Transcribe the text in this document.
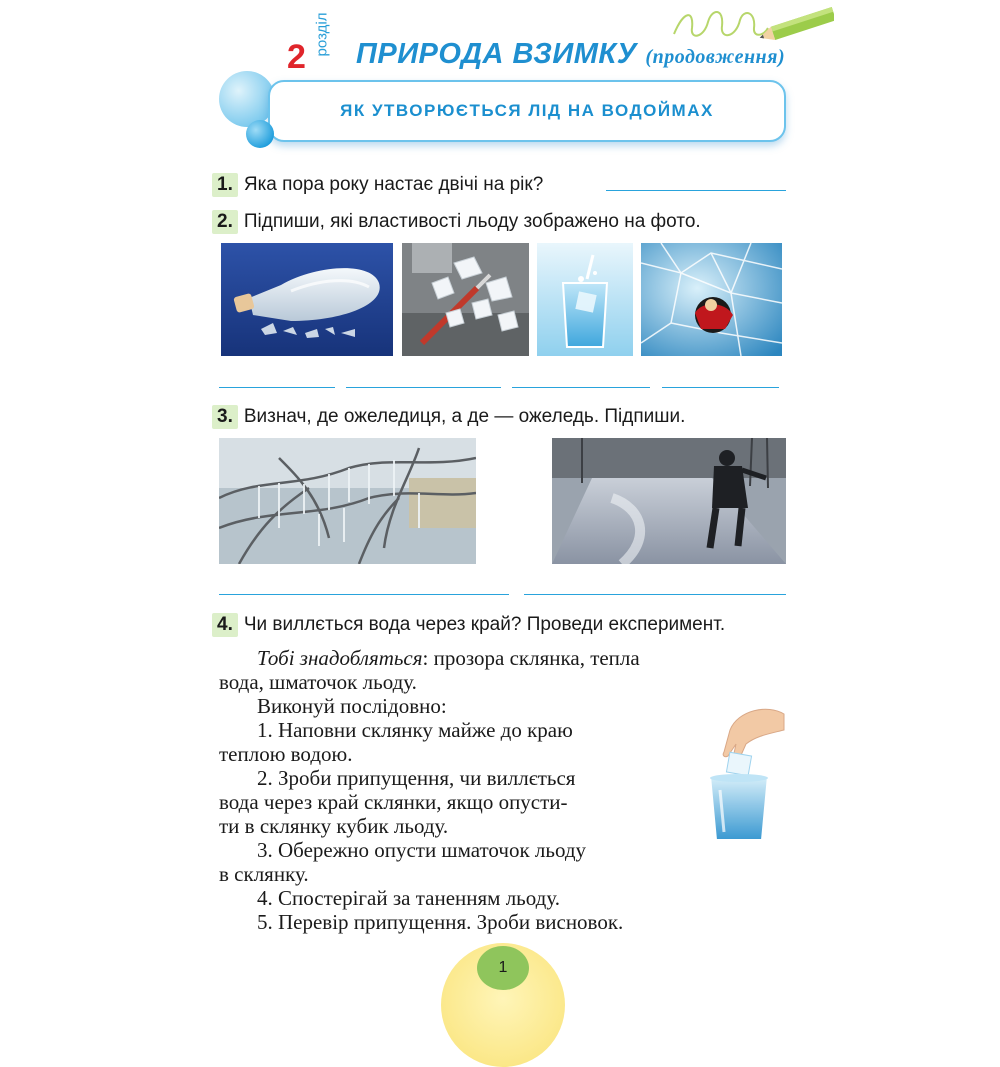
2
розділ ПРИРОДА ВЗИМКУ (продовження)
ЯК УТВОРЮЄТЬСЯ ЛІД НА ВОДОЙМАХ
1. Яка пора року настає двічі на рік?
2. Підпиши, які властивості льоду зображено на фото.
3. Визнач, де ожеледиця, а де — ожеледь. Підпиши.
4. Чи виллється вода через край? Проведи експеримент.
Тобі знадобляться: прозора склянка, тепла
вода, шматочок льоду.
Виконуй послідовно:
1. Наповни склянку майже до краю
теплою водою.
2. Зроби припущення, чи виллється
вода через край склянки, якщо опусти-
ти в склянку кубик льоду.
3. Обережно опусти шматочок льоду
в склянку.
4. Спостерігай за таненням льоду.
5. Перевір припущення. Зроби висновок.
1
